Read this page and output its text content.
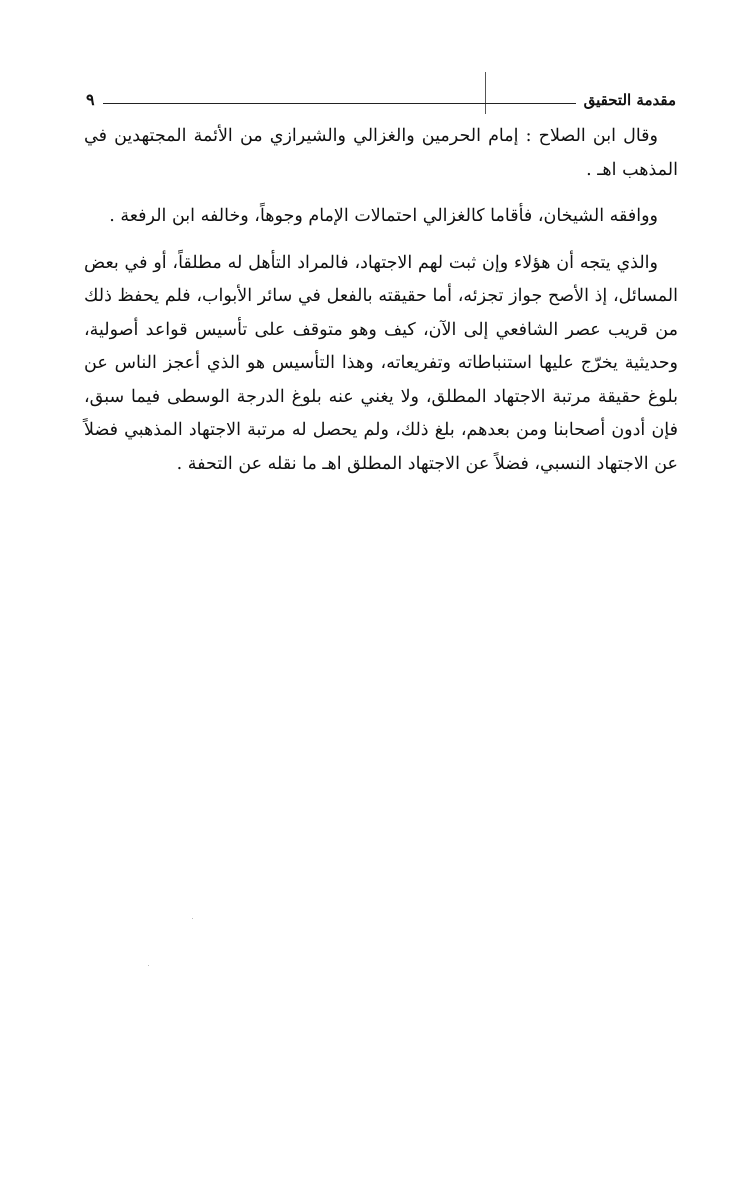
مقدمة التحقيق
٩

وقال ابن الصلاح : إمام الحرمين والغزالي والشيرازي من الأئمة المجتهدين في المذهب اهـ .

ووافقه الشيخان، فأقاما كالغزالي احتمالات الإمام وجوهاً، وخالفه ابن الرفعة .

والذي يتجه أن هؤلاء وإن ثبت لهم الاجتهاد، فالمراد التأهل له مطلقاً، أو في بعض المسائل، إذ الأصح جواز تجزئه، أما حقيقته بالفعل في سائر الأبواب، فلم يحفظ ذلك من قريب عصر الشافعي إلى الآن، كيف وهو متوقف على تأسيس قواعد أصولية، وحديثية يخرّج عليها استنباطاته وتفريعاته، وهذا التأسيس هو الذي أعجز الناس عن بلوغ حقيقة مرتبة الاجتهاد المطلق، ولا يغني عنه بلوغ الدرجة الوسطى فيما سبق، فإن أدون أصحابنا ومن بعدهم، بلغ ذلك، ولم يحصل له مرتبة الاجتهاد المذهبي فضلاً عن الاجتهاد النسبي، فضلاً عن الاجتهاد المطلق اهـ ما نقله عن التحفة .
